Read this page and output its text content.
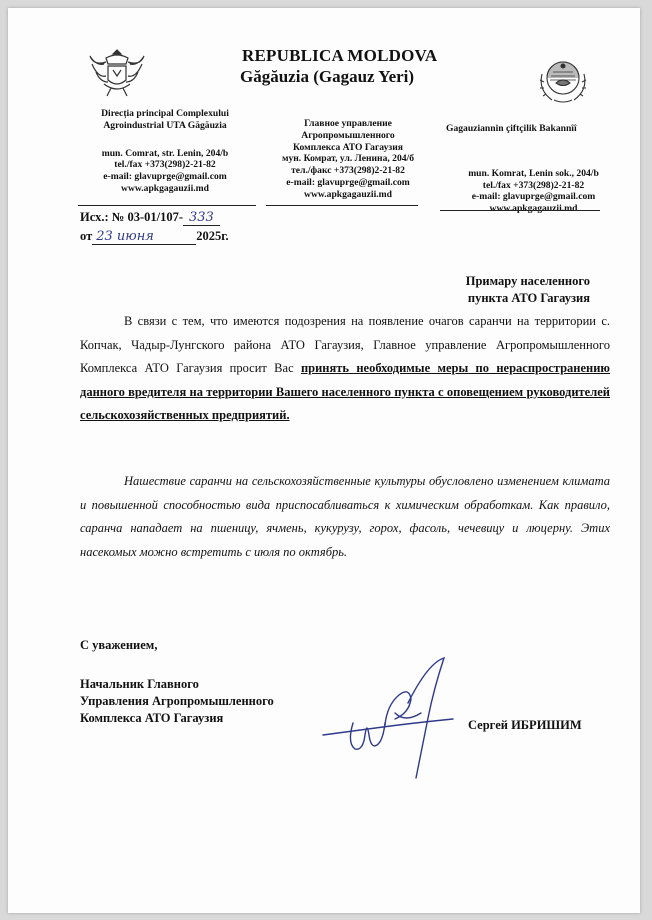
REPUBLICA MOLDOVA
Găgăuzia (Gagauz Yeri)
Direcția principal Complexului
Agroindustrial UTA Găgăuzia
mun. Comrat, str. Lenin, 204/b
tel./fax +373(298)2-21-82
e-mail: glavuprge@gmail.com
www.apkgagauzii.md
Главное управление
Агропромышленного
Комплекса АТО Гагаузия
мун. Комрат, ул. Ленина, 204/б
тел./факс +373(298)2-21-82
e-mail: glavuprge@gmail.com
www.apkgagauzii.md
Gagauziannin çiftçilik Bakannîî
mun. Komrat, Lenin sok., 204/b
tel./fax +373(298)2-21-82
e-mail: glavuprge@gmail.com
www.apkgagauzii.md
Исх.: № 03-01/107- 333
от 23 июня	2025г.
Примару населенного
пункта АТО Гагаузия
В связи с тем, что имеются подозрения на появление очагов саранчи на территории с. Копчак, Чадыр-Лунгского района АТО Гагаузия, Главное управление Агропромышленного Комплекса АТО Гагаузия просит Вас принять необходимые меры по нераспространению данного вредителя на территории Вашего населенного пункта с оповещением руководителей сельскохозяйственных предприятий.
Нашествие саранчи на сельскохозяйственные культуры обусловлено изменением климата и повышенной способностью вида приспосабливаться к химическим обработкам. Как правило, саранча нападает на пшеницу, ячмень, кукурузу, горох, фасоль, чечевицу и люцерну. Этих насекомых можно встретить с июля по октябрь.
С уважением,
Начальник Главного
Управления Агропромышленного
Комплекса АТО Гагаузия	Сергей ИБРИШИМ
